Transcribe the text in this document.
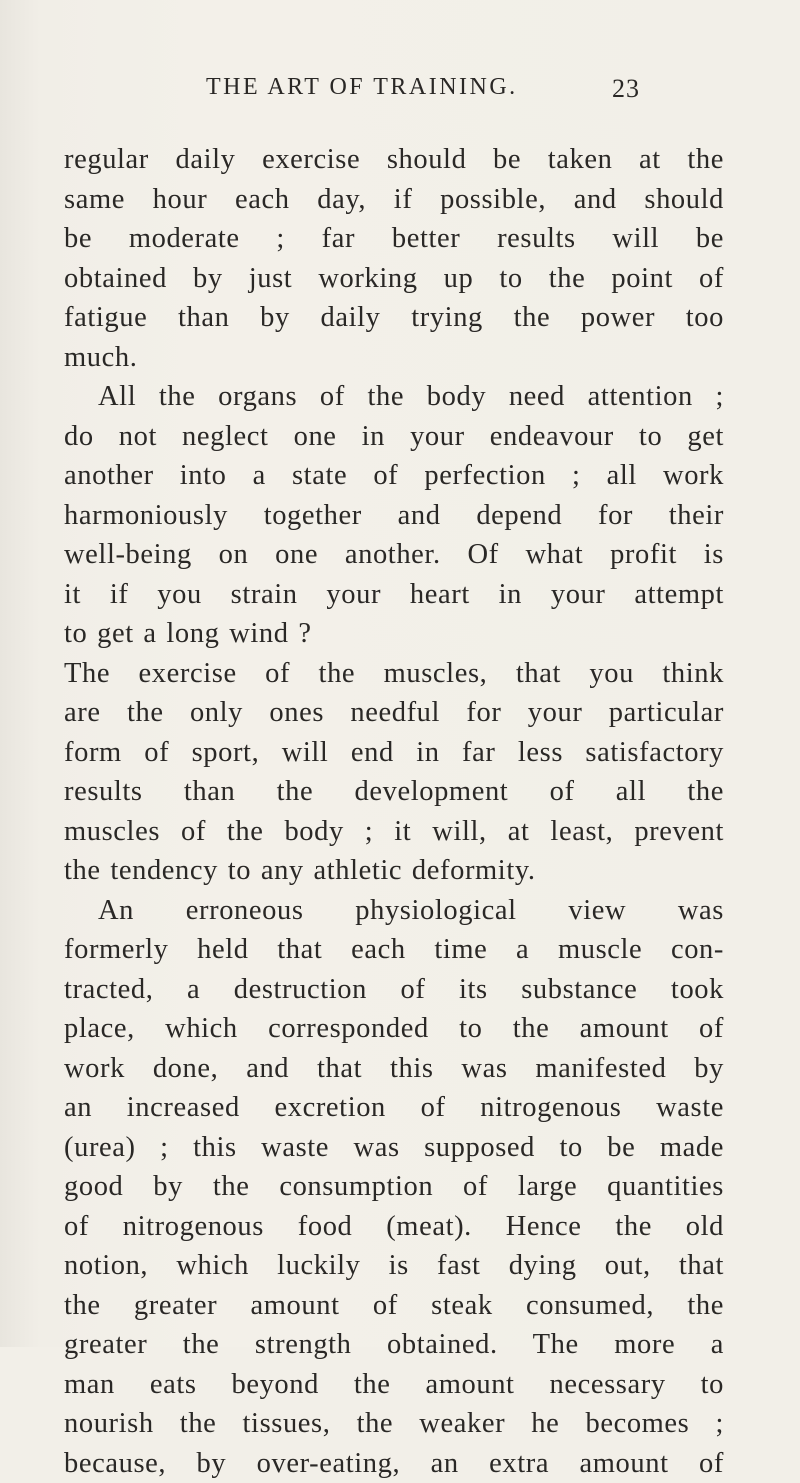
THE ART OF TRAINING.	23
regular daily exercise should be taken at the
same hour each day, if possible, and should
be moderate ; far better results will be
obtained by just working up to the point of
fatigue than by daily trying the power too
much.
All the organs of the body need attention ;
do not neglect one in your endeavour to get
another into a state of perfection ; all work
harmoniously together and depend for their
well-being on one another. Of what profit is
it if you strain your heart in your attempt
to get a long wind ?
The exercise of the muscles, that you think
are the only ones needful for your particular
form of sport, will end in far less satisfactory
results than the development of all the
muscles of the body ; it will, at least, prevent
the tendency to any athletic deformity.
An erroneous physiological view was
formerly held that each time a muscle con-
tracted, a destruction of its substance took
place, which corresponded to the amount of
work done, and that this was manifested by
an increased excretion of nitrogenous waste
(urea) ; this waste was supposed to be made
good by the consumption of large quantities
of nitrogenous food (meat). Hence the old
notion, which luckily is fast dying out, that
the greater amount of steak consumed, the
greater the strength obtained. The more a
man eats beyond the amount necessary to
nourish the tissues, the weaker he becomes ;
because, by over-eating, an extra amount of
